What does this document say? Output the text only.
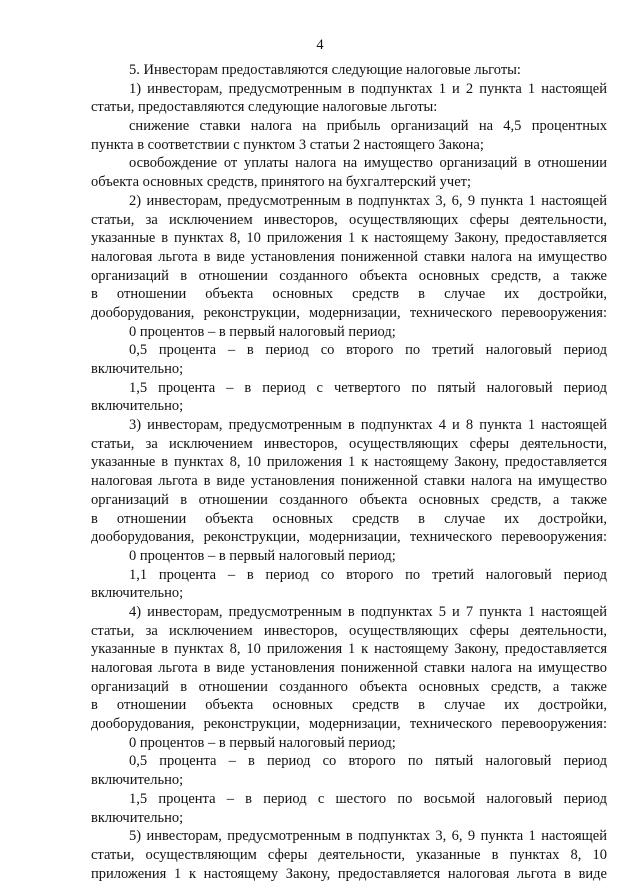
4
5. Инвесторам предоставляются следующие налоговые льготы:
1) инвесторам, предусмотренным в подпунктах 1 и 2 пункта 1 настоящей
статьи, предоставляются следующие налоговые льготы:
снижение ставки налога на прибыль организаций на 4,5 процентных
пункта в соответствии с пунктом 3 статьи 2 настоящего Закона;
освобождение от уплаты налога на имущество организаций в отношении
объекта основных средств, принятого на бухгалтерский учет;
2) инвесторам, предусмотренным в подпунктах 3, 6, 9 пункта 1 настоящей
статьи, за исключением инвесторов, осуществляющих сферы деятельности,
указанные в пунктах 8, 10 приложения 1 к настоящему Закону, предоставляется
налоговая льгота в виде установления пониженной ставки налога на имущество
организаций в отношении созданного объекта основных средств, а также
в отношении объекта основных средств в случае их достройки,
дооборудования, реконструкции, модернизации, технического перевооружения:
0 процентов – в первый налоговый период;
0,5 процента – в период со второго по третий налоговый период
включительно;
1,5 процента – в период с четвертого по пятый налоговый период
включительно;
3) инвесторам, предусмотренным в подпунктах 4 и 8 пункта 1 настоящей
статьи, за исключением инвесторов, осуществляющих сферы деятельности,
указанные в пунктах 8, 10 приложения 1 к настоящему Закону, предоставляется
налоговая льгота в виде установления пониженной ставки налога на имущество
организаций в отношении созданного объекта основных средств, а также
в отношении объекта основных средств в случае их достройки,
дооборудования, реконструкции, модернизации, технического перевооружения:
0 процентов – в первый налоговый период;
1,1 процента – в период со второго по третий налоговый период
включительно;
4) инвесторам, предусмотренным в подпунктах 5 и 7 пункта 1 настоящей
статьи, за исключением инвесторов, осуществляющих сферы деятельности,
указанные в пунктах 8, 10 приложения 1 к настоящему Закону, предоставляется
налоговая льгота в виде установления пониженной ставки налога на имущество
организаций в отношении созданного объекта основных средств, а также
в отношении объекта основных средств в случае их достройки,
дооборудования, реконструкции, модернизации, технического перевооружения:
0 процентов – в первый налоговый период;
0,5 процента – в период со второго по пятый налоговый период
включительно;
1,5 процента – в период с шестого по восьмой налоговый период
включительно;
5) инвесторам, предусмотренным в подпунктах 3, 6, 9 пункта 1 настоящей
статьи, осуществляющим сферы деятельности, указанные в пунктах 8, 10
приложения 1 к настоящему Закону, предоставляется налоговая льгота в виде
